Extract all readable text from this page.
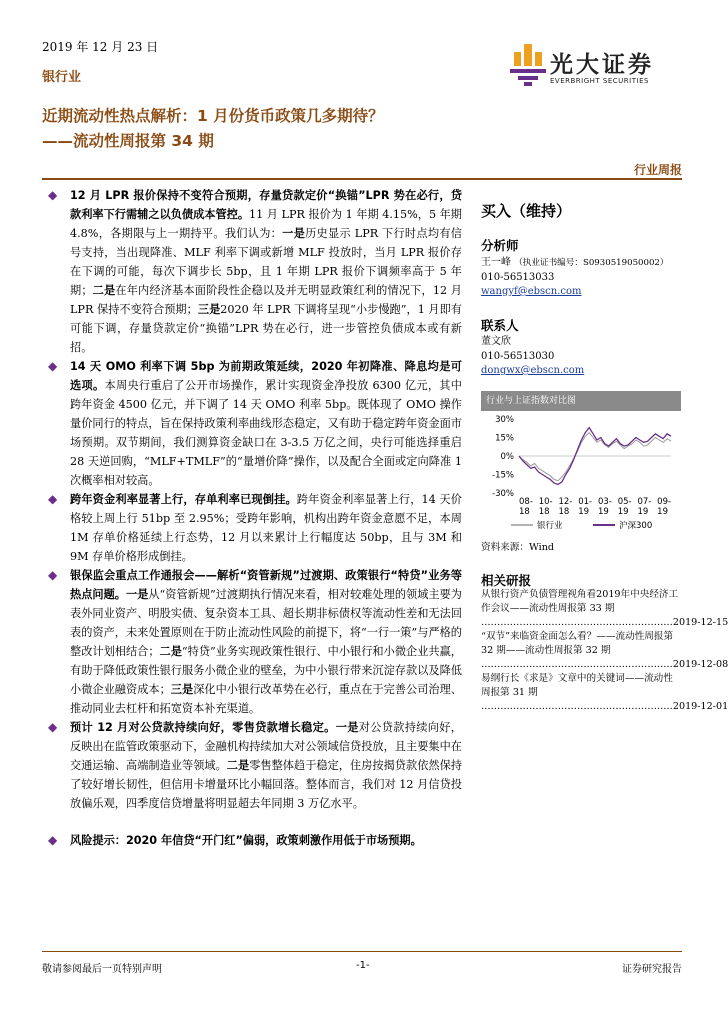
2019 年 12 月 23 日
银行业
近期流动性热点解析：1 月份货币政策几多期待？
——流动性周报第 34 期
光大证券
EVERBRIGHT SECURITIES
行业周报
◆ 12 月 LPR 报价保持不变符合预期，存量贷款定价“换锚”LPR 势在必行，贷款利率下行需辅之以负债成本管控。11 月 LPR 报价为 1 年期 4.15%，5 年期 4.8%，各期限与上一期持平。我们认为：一是历史显示 LPR 下行时点均有信号支持，当出现降准、MLF 利率下调或新增 MLF 投放时，当月 LPR 报价存在下调的可能，每次下调步长 5bp，且 1 年期 LPR 报价下调频率高于 5 年期；二是在年内经济基本面阶段性企稳以及并无明显政策红利的情况下，12 月 LPR 保持不变符合预期；三是2020 年 LPR 下调将呈现“小步慢跑”，1 月即有可能下调，存量贷款定价“换锚”LPR 势在必行，进一步管控负债成本或有新招。
◆ 14 天 OMO 利率下调 5bp 为前期政策延续，2020 年初降准、降息均是可选项。本周央行重启了公开市场操作，累计实现资金净投放 6300 亿元，其中跨年资金 4500 亿元，并下调了 14 天 OMO 利率 5bp。既体现了 OMO 操作量价同行的特点，旨在保持政策利率曲线形态稳定，又有助于稳定跨年资金面市场预期。双节期间，我们测算资金缺口在 3-3.5 万亿之间，央行可能选择重启 28 天逆回购，“MLF+TMLF”的“量增价降”操作，以及配合全面或定向降准 1 次概率相对较高。
◆ 跨年资金利率显著上行，存单利率已现倒挂。跨年资金利率显著上行，14 天价格较上周上行 51bp 至 2.95%；受跨年影响，机构出跨年资金意愿不足，本周 1M 存单价格延续上行态势，12 月以来累计上行幅度达 50bp，且与 3M 和 9M 存单价格形成倒挂。
◆ 银保监会重点工作通报会——解析“资管新规”过渡期、政策银行“特贷”业务等热点问题。一是从“资管新规”过渡期执行情况来看，相对较难处理的领域主要为表外同业资产、明股实债、复杂资本工具、超长期非标债权等流动性差和无法回表的资产，未来处置原则在于防止流动性风险的前提下，将“一行一策”与严格的整改计划相结合；二是“特贷”业务实现政策性银行、中小银行和小微企业共赢，有助于降低政策性银行服务小微企业的壁垒，为中小银行带来沉淀存款以及降低小微企业融资成本；三是深化中小银行改革势在必行，重点在于完善公司治理、推动同业去杠杆和拓宽资本补充渠道。
◆ 预计 12 月对公贷款持续向好，零售贷款增长稳定。一是对公贷款持续向好，反映出在监管政策驱动下，金融机构持续加大对公领域信贷投放，且主要集中在交通运输、高端制造业等领域。二是零售整体趋于稳定，住房按揭贷款依然保持了较好增长韧性，但信用卡增量环比小幅回落。整体而言，我们对 12 月信贷投放偏乐观，四季度信贷增量将明显超去年同期 3 万亿水平。
◆ 风险提示：2020 年信贷“开门红”偏弱，政策刺激作用低于市场预期。
买入（维持）
分析师
王一峰 （执业证书编号：S0930519050002）
010-56513033
wangyf@ebscn.com
联系人
董文欣
010-56513030
dongwx@ebscn.com
行业与上证指数对比图
30%
15%
0%
-15%
-30%
08-
18
10-
18
12-
18
01-
19
03-
19
05-
19
07-
19
09-
19
银行业	沪深300
资料来源：Wind
相关研报
从银行资产负债管理视角看2019年中央经济工作会议——流动性周报第 33 期
…………………………………………………… 2019-12-15
“双节”来临资金面怎么看？——流动性周报第 32 期——流动性周报第 32 期
…………………………………………………… 2019-12-08
易纲行长《求是》文章中的关键词——流动性周报第 31 期
…………………………………………………… 2019-12-01
敬请参阅最后一页特别声明	-1-	证券研究报告
